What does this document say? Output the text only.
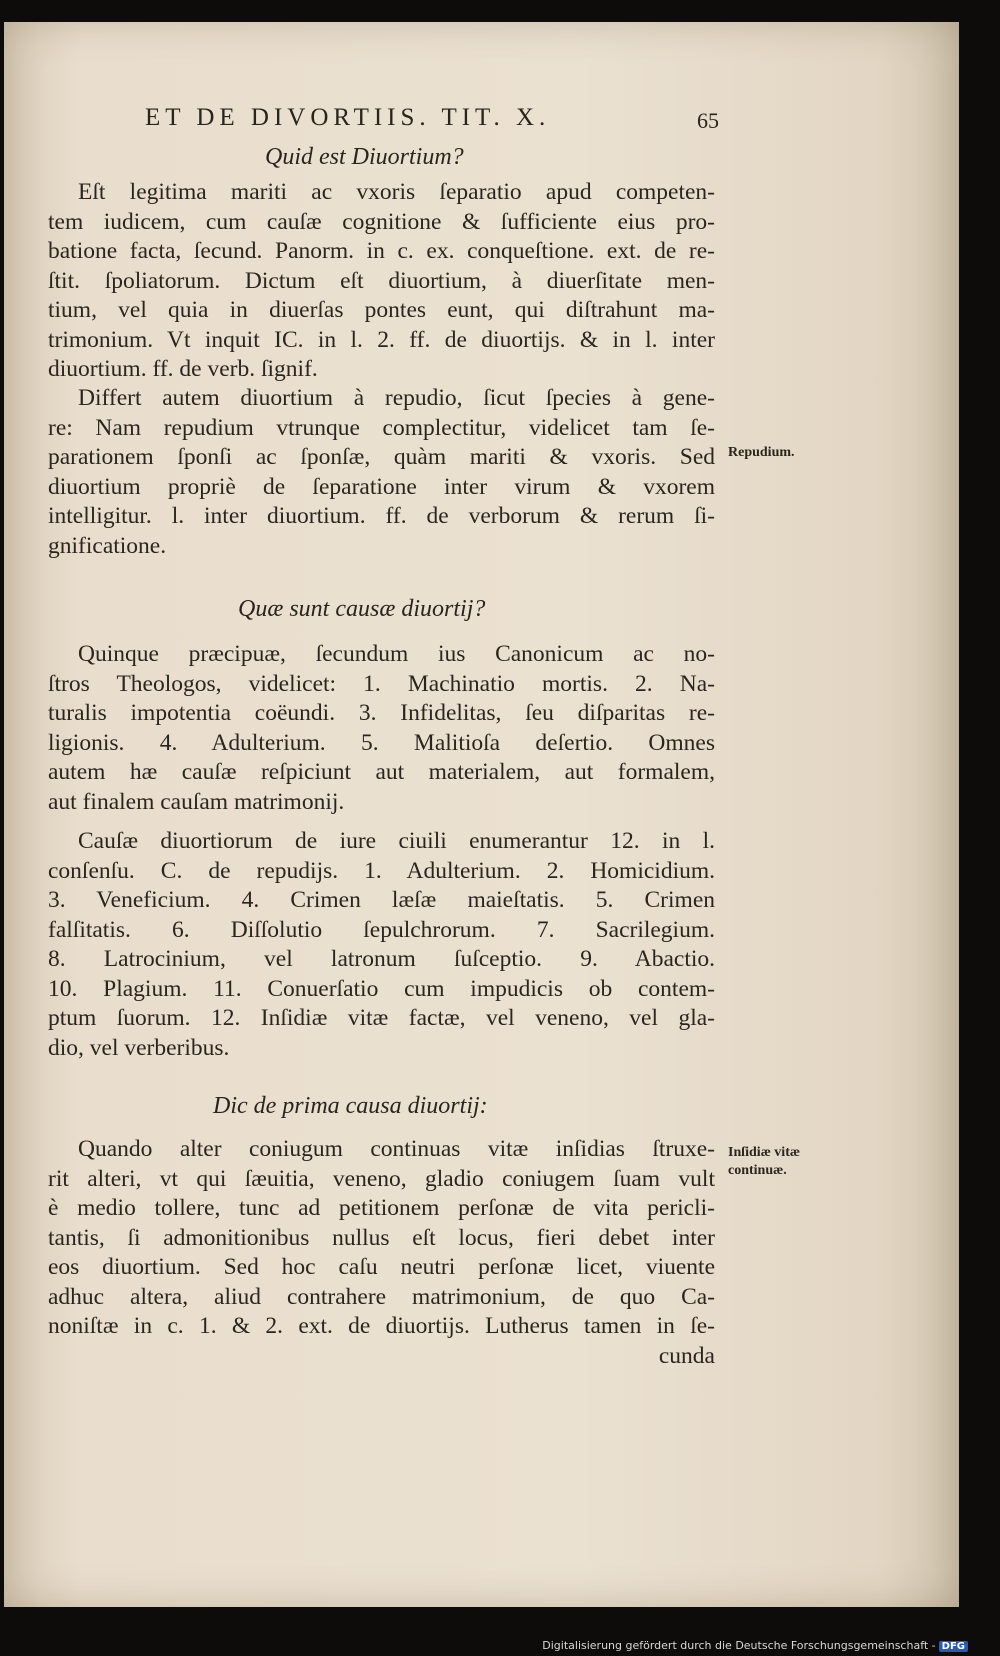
ET DE DIVORTIIS. TIT. X.	65
Quid est Diuortium?
Eſt legitima mariti ac vxoris ſeparatio apud competen-
tem iudicem, cum cauſæ cognitione & ſufficiente eius pro-
batione facta, ſecund. Panorm. in c. ex. conqueſtione. ext. de re-
ſtit. ſpoliatorum. Dictum eſt diuortium, à diuerſitate men-
tium, vel quia in diuerſas pontes eunt, qui diſtrahunt ma-
trimonium. Vt inquit IC. in l. 2. ff. de diuortijs. & in l. inter
diuortium. ff. de verb. ſignif.
Differt autem diuortium à repudio, ſicut ſpecies à gene-
re: Nam repudium vtrunque complectitur, videlicet tam ſe-
parationem ſponſi ac ſponſæ, quàm mariti & vxoris. Sed
diuortium propriè de ſeparatione inter virum & vxorem
intelligitur. l. inter diuortium. ff. de verborum & rerum ſi-
gnificatione.
Repudium.
Quæ sunt causæ diuortij?
Quinque præcipuæ, ſecundum ius Canonicum ac no-
ſtros Theologos, videlicet: 1. Machinatio mortis. 2. Na-
turalis impotentia coëundi. 3. Infidelitas, ſeu diſparitas re-
ligionis. 4. Adulterium. 5. Malitioſa deſertio. Omnes
autem hæ cauſæ reſpiciunt aut materialem, aut formalem,
aut finalem cauſam matrimonij.
Cauſæ diuortiorum de iure ciuili enumerantur 12. in l.
conſenſu. C. de repudijs. 1. Adulterium. 2. Homicidium.
3. Veneficium. 4. Crimen læſæ maieſtatis. 5. Crimen
falſitatis. 6. Diſſolutio ſepulchrorum. 7. Sacrilegium.
8. Latrocinium, vel latronum ſuſceptio. 9. Abactio.
10. Plagium. 11. Conuerſatio cum impudicis ob contem-
ptum ſuorum. 12. Inſidiæ vitæ factæ, vel veneno, vel gla-
dio, vel verberibus.
Dic de prima causa diuortij:
Quando alter coniugum continuas vitæ inſidias ſtruxe-
rit alteri, vt qui ſæuitia, veneno, gladio coniugem ſuam vult
è medio tollere, tunc ad petitionem perſonæ de vita pericli-
tantis, ſi admonitionibus nullus eſt locus, fieri debet inter
eos diuortium. Sed hoc caſu neutri perſonæ licet, viuente
adhuc altera, aliud contrahere matrimonium, de quo Ca-
noniſtæ in c. 1. & 2. ext. de diuortijs. Lutherus tamen in ſe-
cunda
Inſidiæ vitæ continuæ.
Digitalisierung gefördert durch die Deutsche Forschungsgemeinschaft - DFG
